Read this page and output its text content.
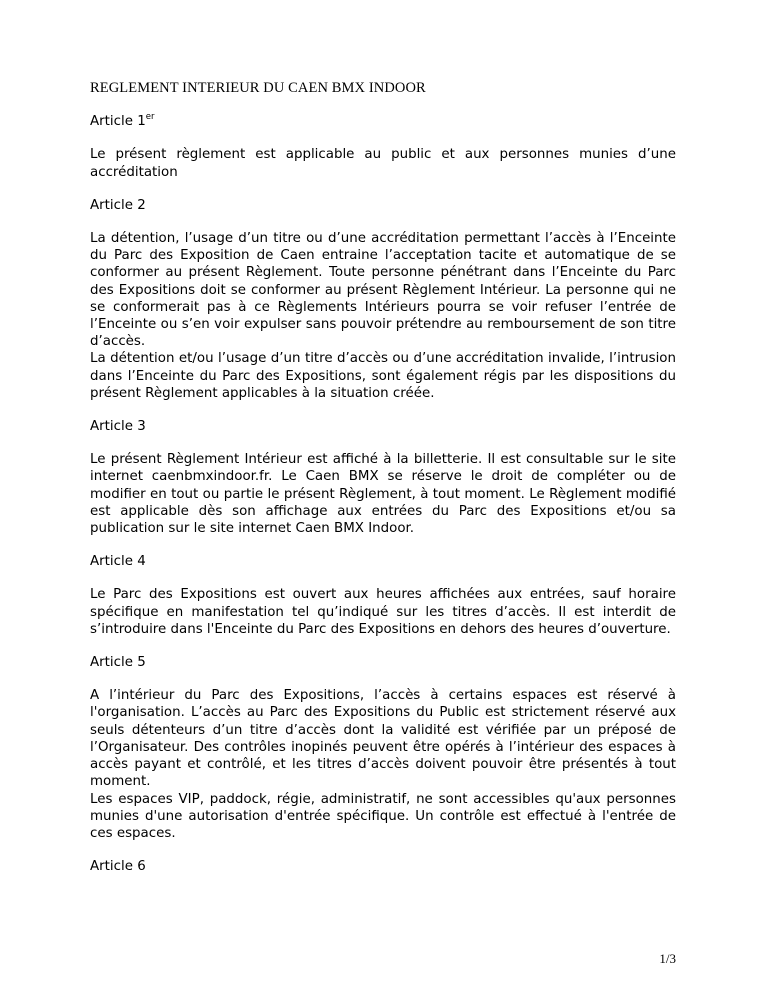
REGLEMENT INTERIEUR DU CAEN BMX INDOOR
Article 1er

Le présent règlement est applicable au public et aux personnes munies d’une accréditation

Article 2

La détention, l’usage d’un titre ou d’une accréditation permettant l’accès à l’Enceinte du Parc des Exposition de Caen entraine l’acceptation tacite et automatique de se conformer au présent Règlement. Toute personne pénétrant dans l’Enceinte du Parc des Expositions doit se conformer au présent Règlement Intérieur. La personne qui ne se conformerait pas à ce Règlements Intérieurs pourra se voir refuser l’entrée de l’Enceinte ou s’en voir expulser sans pouvoir prétendre au remboursement de son titre d’accès.

La détention et/ou l’usage d’un titre d’accès ou d’une accréditation invalide, l’intrusion dans l’Enceinte du Parc des Expositions, sont également régis par les dispositions du présent Règlement applicables à la situation créée.

Article 3

Le présent Règlement Intérieur est affiché à la billetterie. Il est consultable sur le site internet caenbmxindoor.fr. Le Caen BMX se réserve le droit de compléter ou de modifier en tout ou partie le présent Règlement, à tout moment. Le Règlement modifié est applicable dès son affichage aux entrées du Parc des Expositions et/ou sa publication sur le site internet Caen BMX Indoor.

Article 4

Le Parc des Expositions est ouvert aux heures affichées aux entrées, sauf horaire spécifique en manifestation tel qu’indiqué sur les titres d’accès. Il est interdit de s’introduire dans l'Enceinte du Parc des Expositions en dehors des heures d’ouverture.

Article 5

A l’intérieur du Parc des Expositions, l’accès à certains espaces est réservé à l'organisation. L’accès au Parc des Expositions du Public est strictement réservé aux seuls détenteurs d’un titre d’accès dont la validité est vérifiée par un préposé de l’Organisateur. Des contrôles inopinés peuvent être opérés à l’intérieur des espaces à accès payant et contrôlé, et les titres d’accès doivent pouvoir être présentés à tout moment.

Les espaces VIP, paddock, régie, administratif, ne sont accessibles qu'aux personnes munies d'une autorisation d'entrée spécifique. Un contrôle est effectué à l'entrée de ces espaces.

Article 6
1/3
